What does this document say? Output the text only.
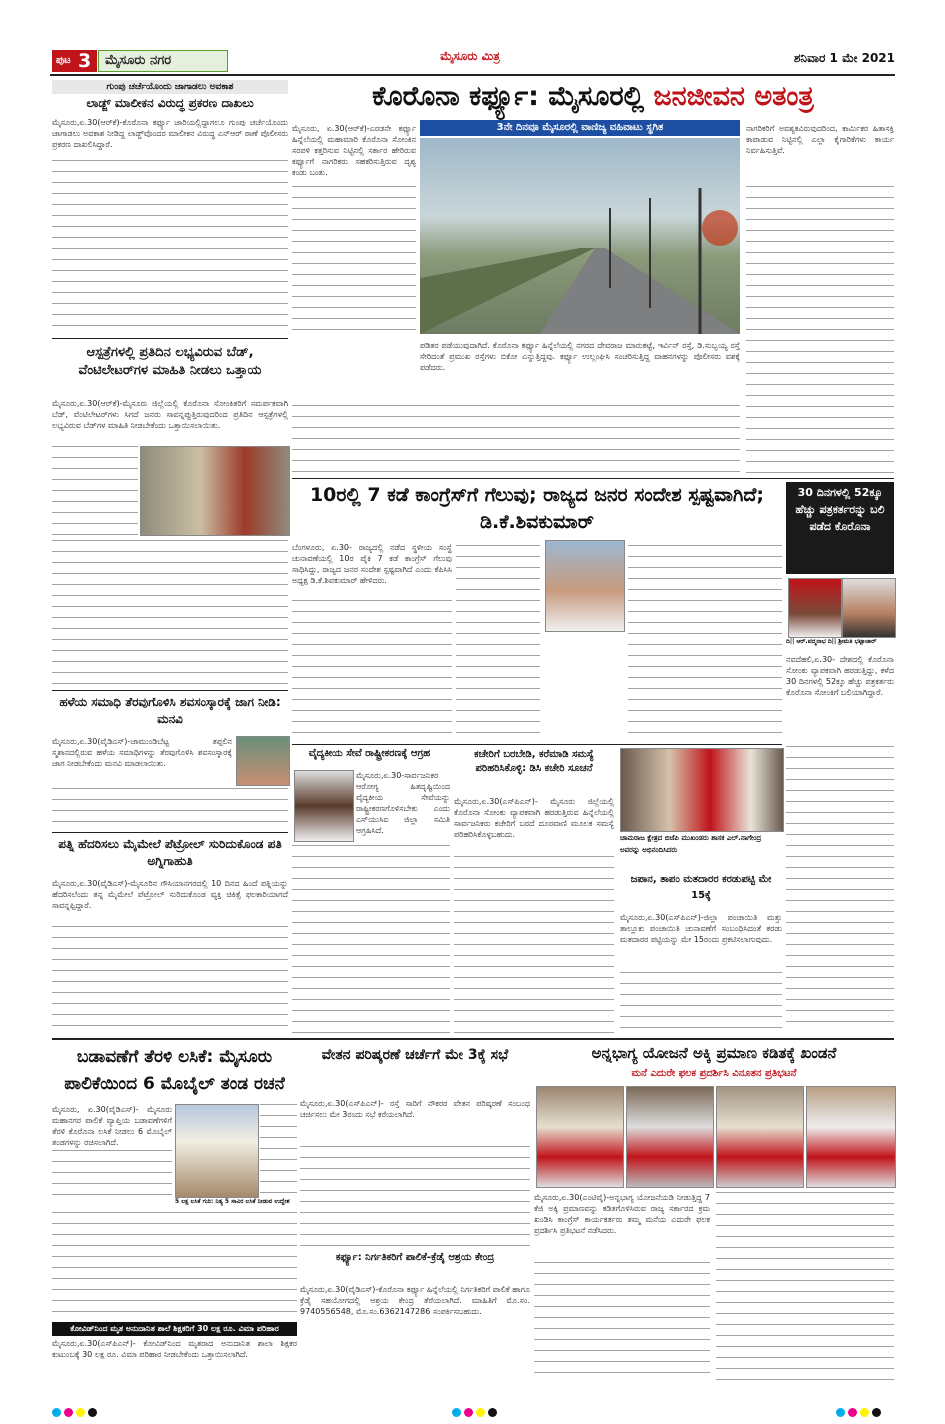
ಪುಟ 3	ಮೈಸೂರು ನಗರ	ಮೈಸೂರು ಮಿತ್ರ	ಶನಿವಾರ 1 ಮೇ 2021
ಗುಂಪು ಚರ್ಚೆಯೊಂದು ಜಾಗಾಡಲು ಅವಕಾಶ
ಲಾಡ್ಜ್ ಮಾಲೀಕನ ವಿರುದ್ಧ ಪ್ರಕರಣ ದಾಖಲು
ಮೈಸೂರು,ಏ.30(ಆರ್‌ಕೆ)-ಕೊರೊನಾ ಕರ್ಫ್ಯೂ ಜಾರಿಯಲ್ಲಿದ್ದಾಗಲೂ ಗುಂಪು ಚರ್ಚೆಯೊಂದು ಜಾಗಾಡಲು ಅವಕಾಶ ನೀಡಿದ್ದ ಲಾಡ್ಜ್‌ವೊಂದರ ಮಾಲೀಕನ ವಿರುದ್ಧ ಎನ್‌ಆರ್ ಠಾಣೆ ಪೊಲೀಸರು ಪ್ರಕರಣ ದಾಖಲಿಸಿದ್ದಾರೆ.
ಆಸ್ಪತ್ರೆಗಳಲ್ಲಿ ಪ್ರತಿದಿನ ಲಭ್ಯವಿರುವ ಬೆಡ್, ವೆಂಟಿಲೇಟರ್‌ಗಳ ಮಾಹಿತಿ ನೀಡಲು ಒತ್ತಾಯ
ಮೈಸೂರು,ಏ.30(ಆರ್‌ಕೆ)-ಮೈಸೂರು ಜಿಲ್ಲೆಯಲ್ಲಿ ಕೊರೊನಾ ಸೋಂಕಿತರಿಗೆ ಸಮರ್ಪಕವಾಗಿ ಬೆಡ್, ವೆಂಟಿಲೇಟರ್‌ಗಳು ಸಿಗದೆ ಜನರು ಸಾವನ್ನಪ್ಪುತ್ತಿರುವುದರಿಂದ ಪ್ರತಿದಿನ ಆಸ್ಪತ್ರೆಗಳಲ್ಲಿ ಲಭ್ಯವಿರುವ ಬೆಡ್‌ಗಳ ಮಾಹಿತಿ ನೀಡಬೇಕೆಂದು ಒತ್ತಾಯಿಸಲಾಯಿತು.
ಹಳೆಯ ಸಮಾಧಿ ತೆರವುಗೊಳಿಸಿ ಶವಸಂಸ್ಕಾರಕ್ಕೆ ಜಾಗ ನೀಡಿ: ಮನವಿ
ಮೈಸೂರು,ಏ.30(ವೈಡಿಎಸ್)-ಚಾಮುಂಡಿಬೆಟ್ಟ ತಪ್ಪಲಿನ ಸ್ಮಶಾನದಲ್ಲಿರುವ ಹಳೆಯ ಸಮಾಧಿಗಳನ್ನು ತೆರವುಗೊಳಿಸಿ ಶವಸಂಸ್ಕಾರಕ್ಕೆ ಜಾಗ ನೀಡಬೇಕೆಂದು ಮನವಿ ಮಾಡಲಾಯಿತು.
ಪತ್ನಿ ಹೆದರಿಸಲು ಮೈಮೇಲೆ ಪೆಟ್ರೋಲ್ ಸುರಿದುಕೊಂಡ ಪತಿ ಅಗ್ನಿಗಾಹುತಿ
ಮೈಸೂರು,ಏ.30(ವೈಡಿಎಸ್)-ಮೈಸೂರಿನ ಗೌಸಿಯಾನಗರದಲ್ಲಿ 10 ದಿನದ ಹಿಂದೆ ಪತ್ನಿಯನ್ನು ಹೆದರಿಸಲೆಂದು ತನ್ನ ಮೈಮೇಲೆ ಪೆಟ್ರೋಲ್ ಸುರಿದುಕೊಂಡ ವ್ಯಕ್ತಿ ಚಿಕಿತ್ಸೆ ಫಲಕಾರಿಯಾಗದೆ ಸಾವನ್ನಪ್ಪಿದ್ದಾರೆ.
ಕೊರೊನಾ ಕರ್ಫ್ಯೂ: ಮೈಸೂರಲ್ಲಿ ಜನಜೀವನ ಅತಂತ್ರ
ಮೈಸೂರು, ಏ.30(ಆರ್‌ಕೆ)-ಎರಡನೇ ಕರ್ಫ್ಯೂ ಹಿನ್ನೆಲೆಯಲ್ಲಿ ಮಹಾಮಾರಿ ಕೊರೊನಾ ಸೋಂಕಿನ ಸರಪಳಿ ಕತ್ತರಿಸುವ ನಿಟ್ಟಿನಲ್ಲಿ ಸರ್ಕಾರ ಹೇರಿರುವ ಕರ್ಫ್ಯೂಗೆ ನಾಗರಿಕರು ಸಹಕರಿಸುತ್ತಿರುವ ದೃಶ್ಯ ಕಂಡು ಬಂತು.
3ನೇ ದಿನವೂ ಮೈಸೂರಲ್ಲಿ ವಾಣಿಜ್ಯ ವಹಿವಾಟು ಸ್ಥಗಿತ	ನಾಗರಿಕರಿಗೆ ಅವಶ್ಯಕವಿರುವುದರಿಂದ, ಕಾರ್ಮಿಕರ ಹಿತಾಸಕ್ತಿ ಕಾಪಾಡುವ ನಿಟ್ಟಿನಲ್ಲಿ ಎಲ್ಲಾ ಕೈಗಾರಿಕೆಗಳು ಕಾರ್ಯ ನಿರ್ವಹಿಸುತ್ತಿವೆ.
ಪಡಿತರ ಪಡೆಯುವುದಾಗಿದೆ. ಕೊರೊನಾ ಕರ್ಫ್ಯೂ ಹಿನ್ನೆಲೆಯಲ್ಲಿ ನಗರದ ದೇವರಾಜ ಮಾರುಕಟ್ಟೆ, ಇರ್ವಿನ್ ರಸ್ತೆ, ಡಿ.ಸುಬ್ಬಯ್ಯ ರಸ್ತೆ ಸೇರಿದಂತೆ ಪ್ರಮುಖ ರಸ್ತೆಗಳು ಬಿಕೋ ಎನ್ನುತ್ತಿದ್ದವು. ಕರ್ಫ್ಯೂ ಉಲ್ಲಂಘಿಸಿ ಸಂಚರಿಸುತ್ತಿದ್ದ ವಾಹನಗಳನ್ನು ಪೊಲೀಸರು ವಶಕ್ಕೆ ಪಡೆದರು.
10ರಲ್ಲಿ 7 ಕಡೆ ಕಾಂಗ್ರೆಸ್‌ಗೆ ಗೆಲುವು; ರಾಜ್ಯದ ಜನರ ಸಂದೇಶ ಸ್ಪಷ್ಟವಾಗಿದೆ; ಡಿ.ಕೆ.ಶಿವಕುಮಾರ್
ಬೆಂಗಳೂರು, ಏ.30- ರಾಜ್ಯದಲ್ಲಿ ನಡೆದ ಸ್ಥಳೀಯ ಸಂಸ್ಥೆ ಚುನಾವಣೆಯಲ್ಲಿ 10ರ ಪೈಕಿ 7 ಕಡೆ ಕಾಂಗ್ರೆಸ್ ಗೆಲುವು ಸಾಧಿಸಿದ್ದು, ರಾಜ್ಯದ ಜನರ ಸಂದೇಶ ಸ್ಪಷ್ಟವಾಗಿದೆ ಎಂದು ಕೆಪಿಸಿಸಿ ಅಧ್ಯಕ್ಷ ಡಿ.ಕೆ.ಶಿವಕುಮಾರ್ ಹೇಳಿದರು.
30 ದಿನಗಳಲ್ಲಿ 52ಕ್ಕೂ ಹೆಚ್ಚು ಪತ್ರಕರ್ತರನ್ನು ಬಲಿ ಪಡೆದ ಕೊರೊನಾ
ದಿ|| ಆರ್.ಪದ್ಮನಾಭ ದಿ|| ಶ್ರೀಮತಿ ಭಟ್ಟಾಚಾರ್
ನವದೆಹಲಿ,ಏ.30- ದೇಶದಲ್ಲಿ ಕೊರೊನಾ ಸೋಂಕು ವ್ಯಾಪಕವಾಗಿ ಹರಡುತ್ತಿದ್ದು, ಕಳೆದ 30 ದಿನಗಳಲ್ಲಿ 52ಕ್ಕೂ ಹೆಚ್ಚು ಪತ್ರಕರ್ತರು ಕೊರೊನಾ ಸೋಂಕಿಗೆ ಬಲಿಯಾಗಿದ್ದಾರೆ.
ವೈದ್ಯಕೀಯ ಸೇವೆ ರಾಷ್ಟ್ರೀಕರಣಕ್ಕೆ ಆಗ್ರಹ
ಮೈಸೂರು,ಏ.30-ಸಾರ್ವಜನಿಕರ ಆರೋಗ್ಯ ಹಿತದೃಷ್ಟಿಯಿಂದ ವೈದ್ಯಕೀಯ ಸೇವೆಯನ್ನು ರಾಷ್ಟ್ರೀಕರಣಗೊಳಿಸಬೇಕು ಎಂದು ಎಸ್‌ಯುಸಿಐ ಜಿಲ್ಲಾ ಸಮಿತಿ ಆಗ್ರಹಿಸಿದೆ.
ಕಚೇರಿಗೆ ಬರಬೇಡಿ, ಕರೆಮಾಡಿ ಸಮಸ್ಯೆ ಪರಿಹರಿಸಿಕೊಳ್ಳಿ: ಡಿಸಿ ಕಚೇರಿ ಸೂಚನೆ
ಮೈಸೂರು,ಏ.30(ಎಸ್‌ಪಿಎನ್)- ಮೈಸೂರು ಜಿಲ್ಲೆಯಲ್ಲಿ ಕೊರೊನಾ ಸೋಂಕು ವ್ಯಾಪಕವಾಗಿ ಹರಡುತ್ತಿರುವ ಹಿನ್ನೆಲೆಯಲ್ಲಿ ಸಾರ್ವಜನಿಕರು ಕಚೇರಿಗೆ ಬರದೆ ದೂರವಾಣಿ ಮೂಲಕ ಸಮಸ್ಯೆ ಪರಿಹರಿಸಿಕೊಳ್ಳಬಹುದು.	ಚಾಮರಾಜ ಕ್ಷೇತ್ರದ ಬಿಜೆಪಿ ಮುಖಂಡರು ಶಾಸಕ ಎಲ್.ನಾಗೇಂದ್ರ ಅವರನ್ನು ಅಭಿನಂದಿಸಿದರು
ಜಪಾನ, ತಾಪಂ ಮತದಾರರ ಕರಡುಪಟ್ಟಿ ಮೇ 15ಕ್ಕೆ
ಮೈಸೂರು,ಏ.30(ಎಸ್‌ಪಿಎನ್)-ಜಿಲ್ಲಾ ಪಂಚಾಯಿತಿ ಮತ್ತು ತಾಲ್ಲೂಕು ಪಂಚಾಯಿತಿ ಚುನಾವಣೆಗೆ ಸಂಬಂಧಿಸಿದಂತೆ ಕರಡು ಮತದಾರರ ಪಟ್ಟಿಯನ್ನು ಮೇ 15ರಂದು ಪ್ರಕಟಿಸಲಾಗುವುದು.
ಬಡಾವಣೆಗೆ ತೆರಳಿ ಲಸಿಕೆ: ಮೈಸೂರು ಪಾಲಿಕೆಯಿಂದ 6 ಮೊಬೈಲ್ ತಂಡ ರಚನೆ
ಮೈಸೂರು, ಏ.30(ವೈಡಿಎಸ್)- ಮೈಸೂರು ಮಹಾನಗರ ಪಾಲಿಕೆ ವ್ಯಾಪ್ತಿಯ ಬಡಾವಣೆಗಳಿಗೆ ತೆರಳಿ ಕೊರೊನಾ ಲಸಿಕೆ ನೀಡಲು 6 ಮೊಬೈಲ್ ತಂಡಗಳನ್ನು ರಚಿಸಲಾಗಿದೆ.
5 ಲಕ್ಷ ಲಸಿಕೆ ಗುರಿ: ನಿತ್ಯ 5 ಸಾವಿರ ಲಸಿಕೆ ನೀಡುವ ಉದ್ದೇಶ
ಕೋವಿಡ್‌ನಿಂದ ಮೃತ ಅನುದಾನಿತ ಶಾಲೆ ಶಿಕ್ಷಕರಿಗೆ 30 ಲಕ್ಷ ರೂ. ವಿಮಾ ಪರಿಹಾರ
ಮೈಸೂರು,ಏ.30(ಎಸ್‌ಪಿಎನ್)- ಕೋವಿಡ್‌ನಿಂದ ಮೃತರಾದ ಅನುದಾನಿತ ಶಾಲಾ ಶಿಕ್ಷಕರ ಕುಟುಂಬಕ್ಕೆ 30 ಲಕ್ಷ ರೂ. ವಿಮಾ ಪರಿಹಾರ ನೀಡಬೇಕೆಂದು ಒತ್ತಾಯಿಸಲಾಗಿದೆ.
ವೇತನ ಪರಿಷ್ಕರಣೆ ಚರ್ಚೆಗೆ ಮೇ 3ಕ್ಕೆ ಸಭೆ
ಮೈಸೂರು,ಏ.30(ಎಸ್‌ಪಿಎನ್)- ರಸ್ತೆ ಸಾರಿಗೆ ನೌಕರರ ವೇತನ ಪರಿಷ್ಕರಣೆ ಸಂಬಂಧ ಚರ್ಚಿಸಲು ಮೇ 3ರಂದು ಸಭೆ ಕರೆಯಲಾಗಿದೆ.
ಕರ್ಫ್ಯೂ: ನಿರ್ಗತಿಕರಿಗೆ ಪಾಲಿಕೆ-ಕ್ರೆಡೈ ಆಶ್ರಯ ಕೇಂದ್ರ
ಮೈಸೂರು,ಏ.30(ವೈಡಿಎಸ್)-ಕೊರೊನಾ ಕರ್ಫ್ಯೂ ಹಿನ್ನೆಲೆಯಲ್ಲಿ ನಿರ್ಗತಿಕರಿಗೆ ಪಾಲಿಕೆ ಹಾಗೂ ಕ್ರೆಡೈ ಸಹಯೋಗದಲ್ಲಿ ಆಶ್ರಯ ಕೇಂದ್ರ ತೆರೆಯಲಾಗಿದೆ. ಮಾಹಿತಿಗೆ ಮೊ.ಸಂ. 9740556548, ಮೊ.ಸಂ.6362147286 ಸಂಪರ್ಕಿಸಬಹುದು.
ಅನ್ನಭಾಗ್ಯ ಯೋಜನೆ ಅಕ್ಕಿ ಪ್ರಮಾಣ ಕಡಿತಕ್ಕೆ ಖಂಡನೆ
ಮನೆ ಎದುರೇ ಫಲಕ ಪ್ರದರ್ಶಿಸಿ ವಿನೂತನ ಪ್ರತಿಭಟನೆ
ಮೈಸೂರು,ಏ.30(ಎಂಟಿವೈ)-ಅನ್ನಭಾಗ್ಯ ಯೋಜನೆಯಡಿ ನೀಡುತ್ತಿದ್ದ 7 ಕೆಜಿ ಅಕ್ಕಿ ಪ್ರಮಾಣವನ್ನು ಕಡಿತಗೊಳಿಸಿರುವ ರಾಜ್ಯ ಸರ್ಕಾರದ ಕ್ರಮ ಖಂಡಿಸಿ ಕಾಂಗ್ರೆಸ್ ಕಾರ್ಯಕರ್ತರು ತಮ್ಮ ಮನೆಯ ಎದುರೇ ಫಲಕ ಪ್ರದರ್ಶಿಸಿ ಪ್ರತಿಭಟನೆ ನಡೆಸಿದರು.
